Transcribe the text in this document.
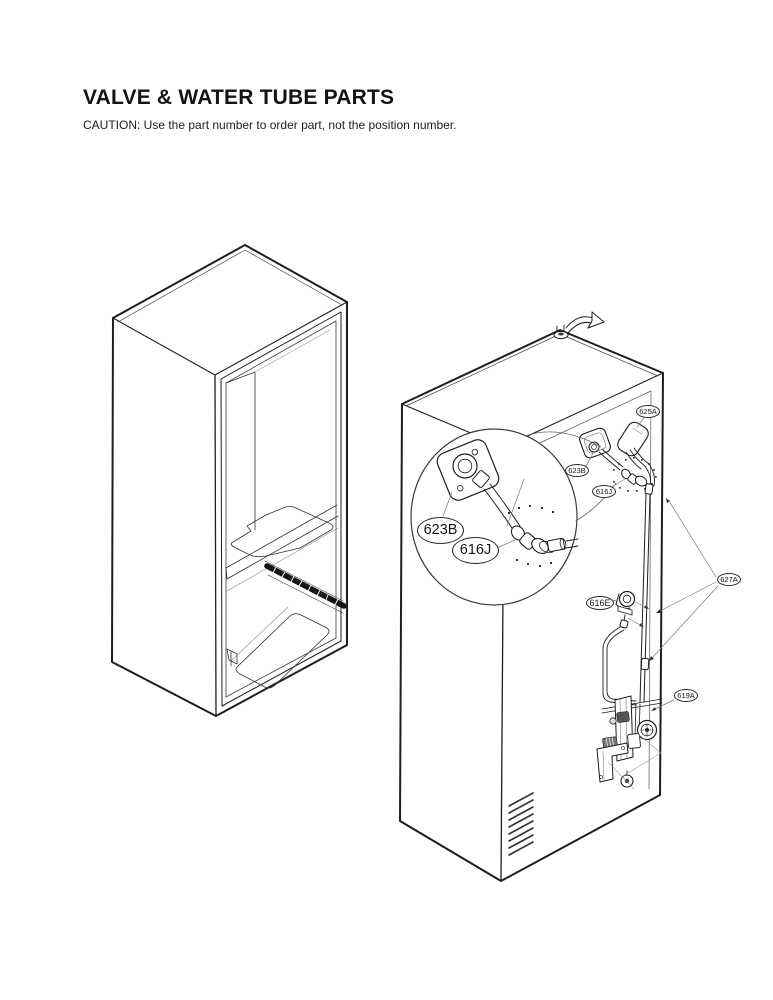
VALVE & WATER TUBE PARTS

CAUTION: Use the part number to order part, not the position number.

623B
616J
623B
616J
625A
627A
616E
619A
